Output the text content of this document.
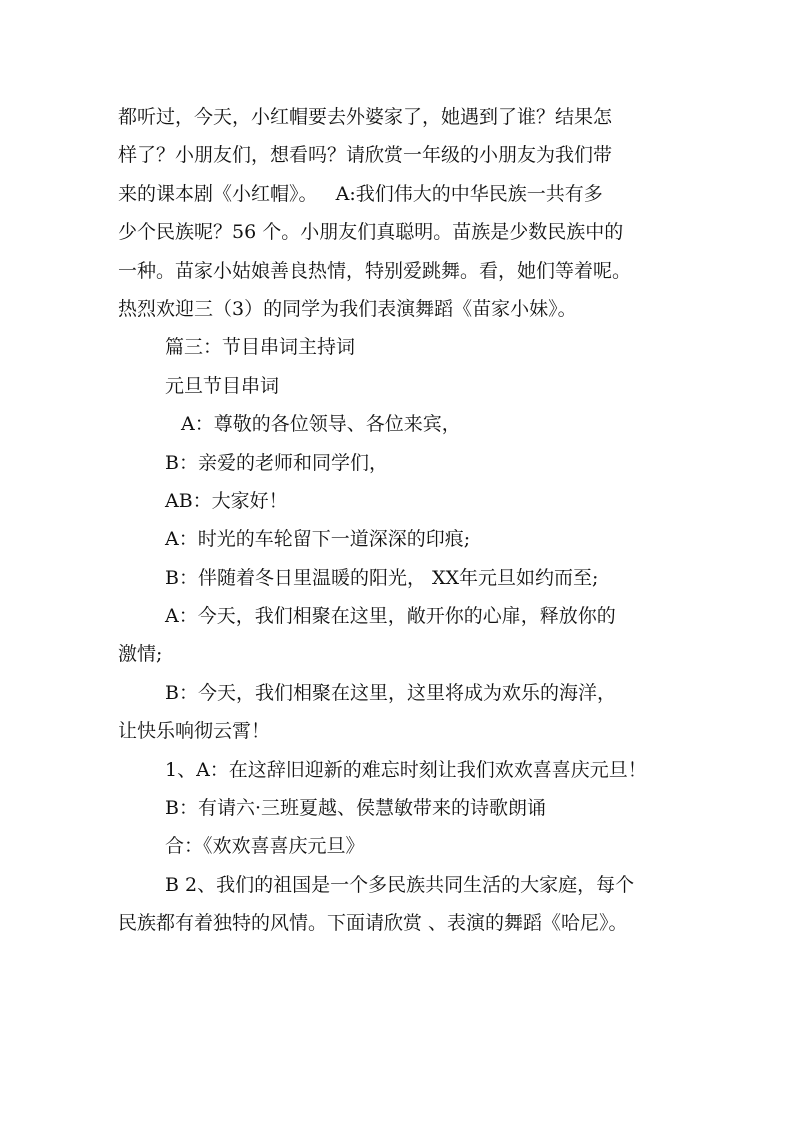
都听过，今天，小红帽要去外婆家了，她遇到了谁？结果怎
样了？小朋友们，想看吗？请欣赏一年级的小朋友为我们带
来的课本剧《小红帽》。   A:我们伟大的中华民族一共有多
少个民族呢？56 个。小朋友们真聪明。苗族是少数民族中的
一种。苗家小姑娘善良热情，特别爱跳舞。看，她们等着呢。
热烈欢迎三（3）的同学为我们表演舞蹈《苗家小妹》。
篇三：节目串词主持词
元旦节目串词
A：尊敬的各位领导、各位来宾，
B：亲爱的老师和同学们，
AB：大家好！
A：时光的车轮留下一道深深的印痕;
B：伴随着冬日里温暖的阳光， XX年元旦如约而至;
A：今天，我们相聚在这里，敞开你的心扉，释放你的
激情;
B：今天，我们相聚在这里，这里将成为欢乐的海洋，
让快乐响彻云霄！
1、A：在这辞旧迎新的难忘时刻让我们欢欢喜喜庆元旦！
B：有请六·三班夏越、侯慧敏带来的诗歌朗诵
合：《欢欢喜喜庆元旦》
B 2、我们的祖国是一个多民族共同生活的大家庭，每个
民族都有着独特的风情。下面请欣赏 、表演的舞蹈《哈尼》。
